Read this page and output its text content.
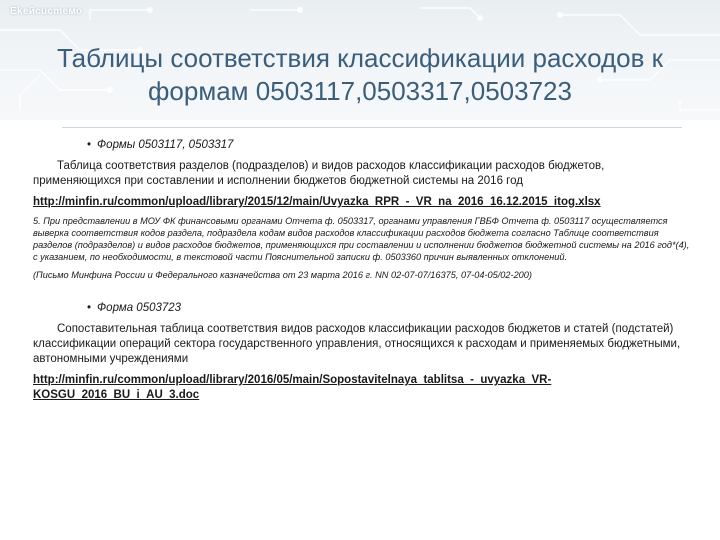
Ekeйcucmeмo
Таблицы соответствия классификации расходов к формам 0503117,0503317,0503723
• Формы 0503117, 0503317
Таблица соответствия разделов (подразделов) и видов расходов классификации расходов бюджетов, применяющихся при составлении и исполнении бюджетов бюджетной системы на 2016 год
http://minfin.ru/common/upload/library/2015/12/main/Uvyazka_RPR_-_VR_na_2016_16.12.2015_itog.xlsx
5. При представлении в МОУ ФК финансовыми органами Отчета ф. 0503317, органами управления ГВБФ Отчета ф. 0503117 осуществляется выверка соответствия кодов раздела, подраздела кодам видов расходов классификации расходов бюджета согласно Таблице соответствия разделов (подразделов) и видов расходов бюджетов, применяющихся при составлении и исполнении бюджетов бюджетной системы на 2016 год*(4), с указанием, по необходимости, в текстовой части Пояснительной записки ф. 0503360 причин выявленных отклонений.
(Письмо Минфина России и Федерального казначейства от 23 марта 2016 г. NN 02-07-07/16375, 07-04-05/02-200)
• Форма 0503723
Сопоставительная таблица соответствия видов расходов классификации расходов бюджетов и статей (подстатей) классификации операций сектора государственного управления, относящихся к расходам и применяемых бюджетными, автономными учреждениями
http://minfin.ru/common/upload/library/2016/05/main/Sopostavitelnaya_tablitsa_-_uvyazka_VR-KOSGU_2016_BU_i_AU_3.doc
